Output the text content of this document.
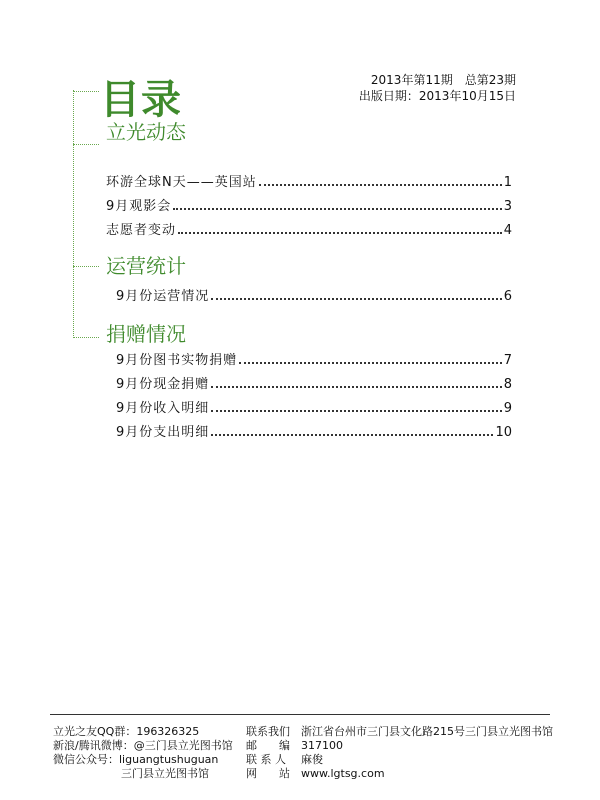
目录	2013年第11期　总第23期
出版日期：2013年10月15日
立光动态
环游全球N天——英国站	1
9月观影会	3
志愿者变动	4
运营统计
9月份运营情况	6
捐赠情况
9月份图书实物捐赠	7
9月份现金捐赠	8
9月份收入明细	9
9月份支出明细	10
立光之友QQ群：196326325
新浪/腾讯微博：@三门县立光图书馆
微信公众号：liguangtushuguan
三门县立光图书馆
联系我们	浙江省台州市三门县文化路215号三门县立光图书馆
邮　　编	317100
联 系 人	麻俊
网　　站	www.lgtsg.com
